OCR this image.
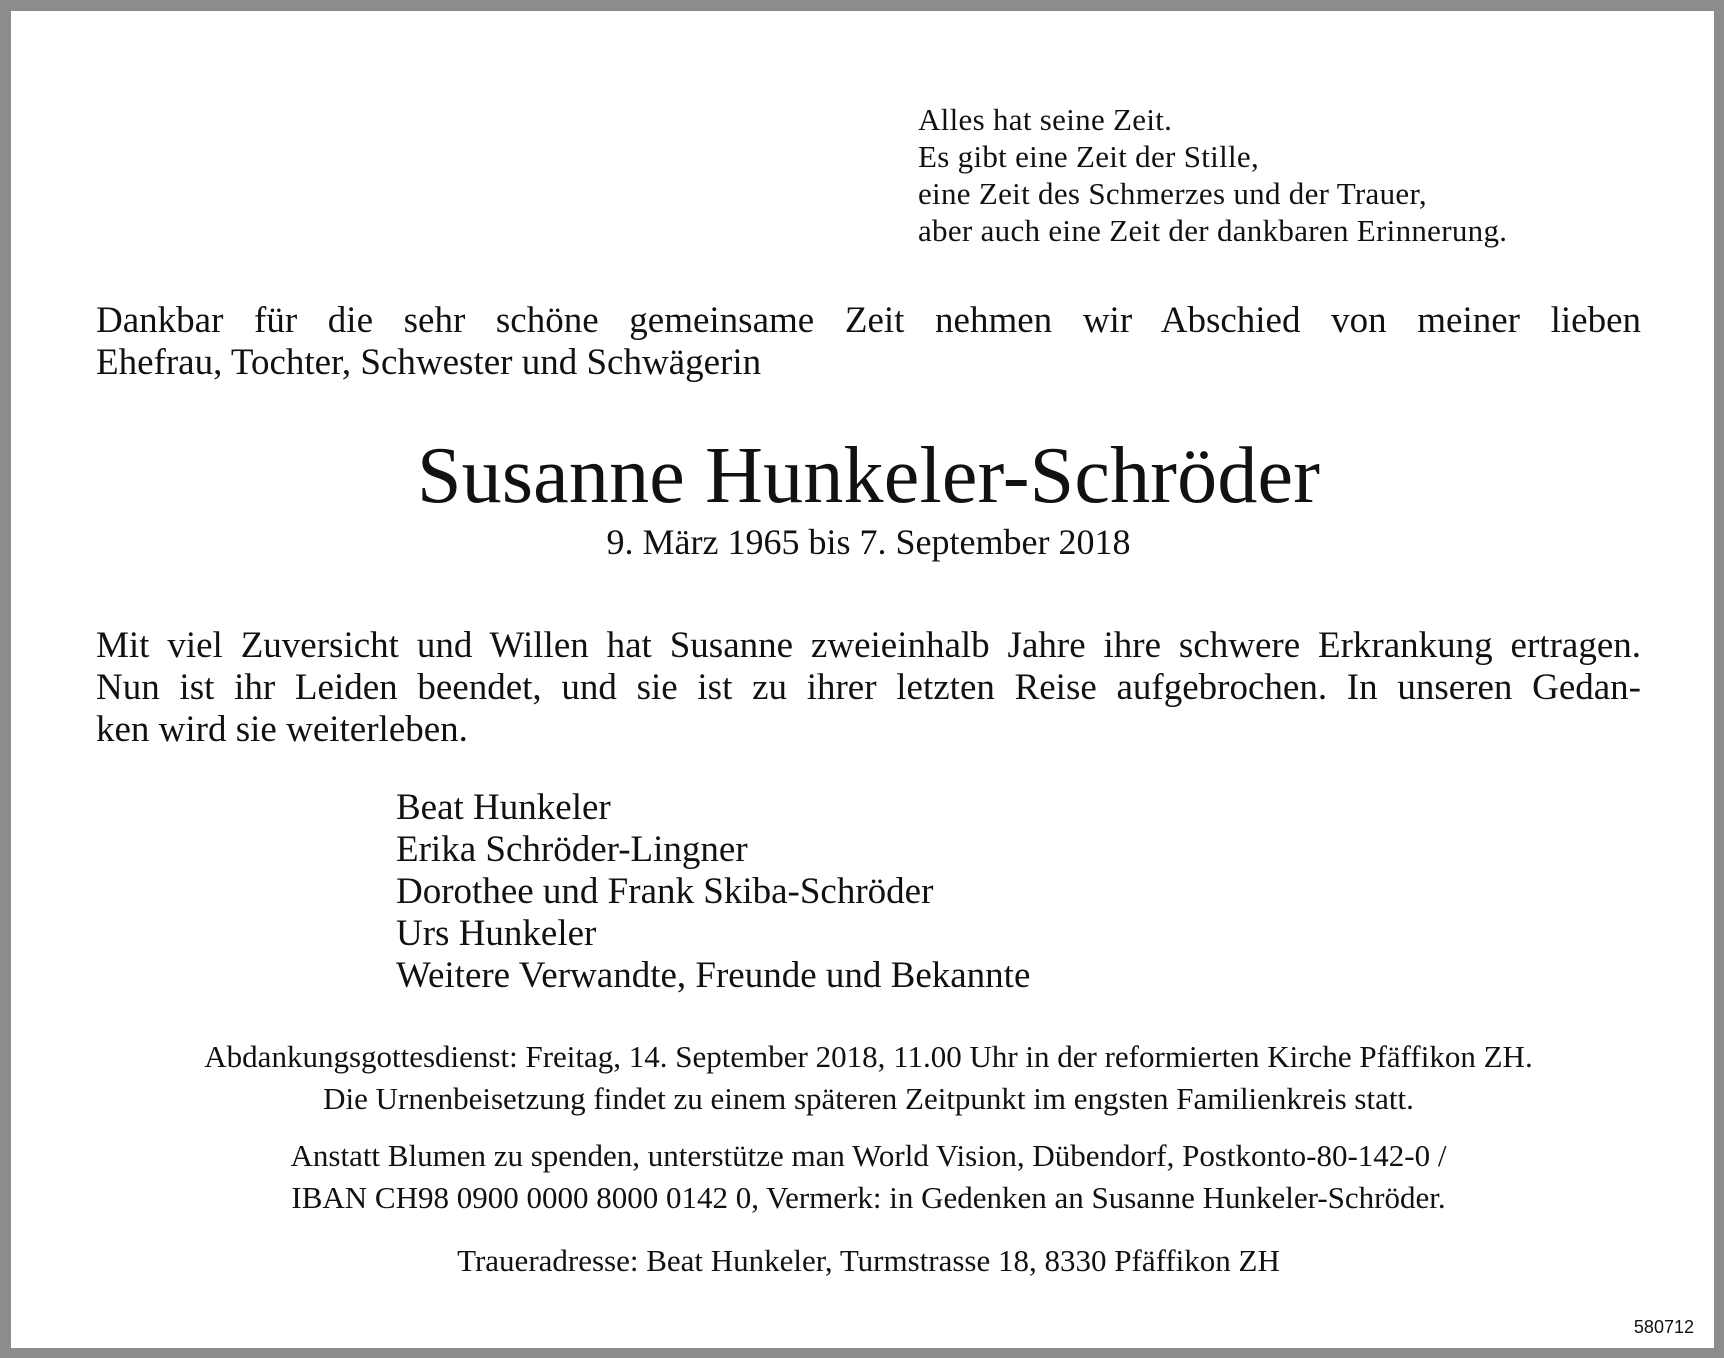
Alles hat seine Zeit.
Es gibt eine Zeit der Stille,
eine Zeit des Schmerzes und der Trauer,
aber auch eine Zeit der dankbaren Erinnerung.
Dankbar für die sehr schöne gemeinsame Zeit nehmen wir Abschied von meiner lieben
Ehefrau, Tochter, Schwester und Schwägerin
Susanne Hunkeler-Schröder
9. März 1965 bis 7. September 2018
Mit viel Zuversicht und Willen hat Susanne zweieinhalb Jahre ihre schwere Erkrankung ertragen.
Nun ist ihr Leiden beendet, und sie ist zu ihrer letzten Reise aufgebrochen. In unseren Gedan-
ken wird sie weiterleben.
Beat Hunkeler
Erika Schröder-Lingner
Dorothee und Frank Skiba-Schröder
Urs Hunkeler
Weitere Verwandte, Freunde und Bekannte
Abdankungsgottesdienst: Freitag, 14. September 2018, 11.00 Uhr in der reformierten Kirche Pfäffikon ZH.
Die Urnenbeisetzung findet zu einem späteren Zeitpunkt im engsten Familienkreis statt.
Anstatt Blumen zu spenden, unterstütze man World Vision, Dübendorf, Postkonto-80-142-0 /
IBAN CH98 0900 0000 8000 0142 0, Vermerk: in Gedenken an Susanne Hunkeler-Schröder.
Traueradresse: Beat Hunkeler, Turmstrasse 18, 8330 Pfäffikon ZH
580712
